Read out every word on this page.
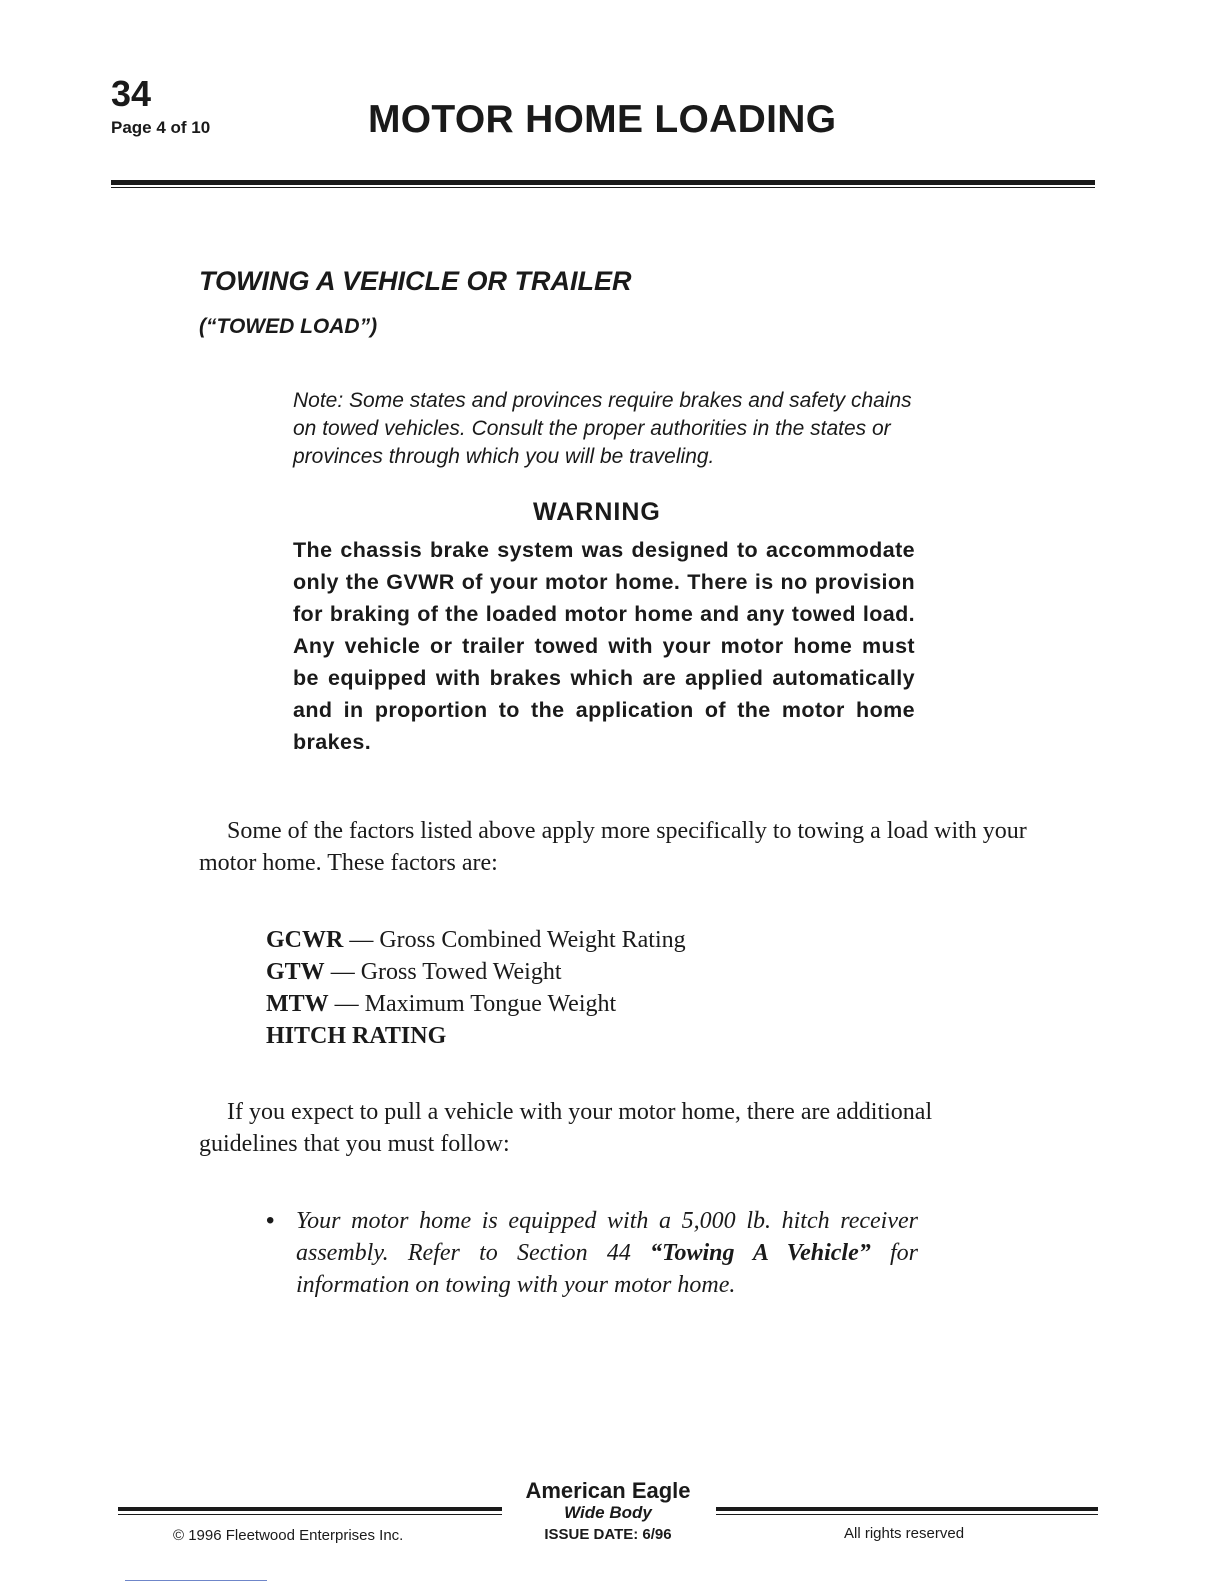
34
Page 4 of 10	MOTOR HOME LOADING
TOWING A VEHICLE OR TRAILER
(“TOWED LOAD”)
Note: Some states and provinces require brakes and safety chains on towed vehicles. Consult the proper authorities in the states or provinces through which you will be traveling.
WARNING
The chassis brake system was designed to accommodate only the GVWR of your motor home. There is no provision for braking of the loaded motor home and any towed load. Any vehicle or trailer towed with your motor home must be equipped with brakes which are applied automatically and in proportion to the application of the motor home brakes.
Some of the factors listed above apply more specifically to towing a load with your motor home. These factors are:
GCWR — Gross Combined Weight Rating
GTW — Gross Towed Weight
MTW — Maximum Tongue Weight
HITCH RATING
If you expect to pull a vehicle with your motor home, there are additional guidelines that you must follow:
• Your motor home is equipped with a 5,000 lb. hitch receiver assembly. Refer to Section 44 “Towing A Vehicle” for information on towing with your motor home.
American Eagle
Wide Body
ISSUE DATE: 6/96
© 1996 Fleetwood Enterprises Inc.	All rights reserved
